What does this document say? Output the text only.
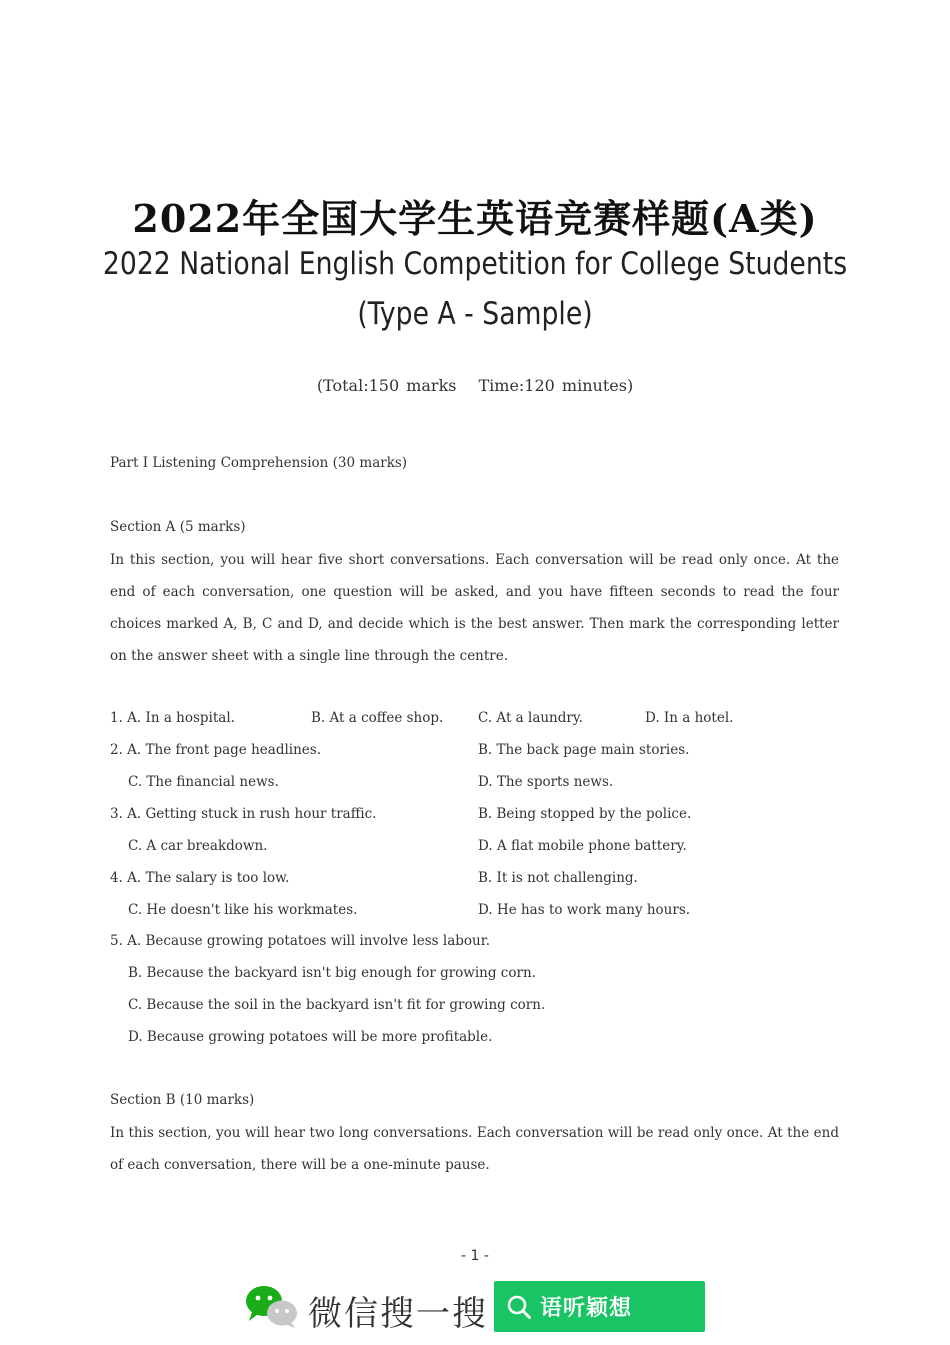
2022年全国大学生英语竞赛样题(A类)
2022 National English Competition for College Students
(Type A - Sample)
(Total:150 marks Time:120 minutes)
Part I Listening Comprehension (30 marks)
Section A (5 marks)
In this section, you will hear five short conversations. Each conversation will be read only once. At the end of each conversation, one question will be asked, and you have fifteen seconds to read the four choices marked A, B, C and D, and decide which is the best answer. Then mark the corresponding letter on the answer sheet with a single line through the centre.
1. A. In a hospital.	B. At a coffee shop.	C. At a laundry.	D. In a hotel.
2. A. The front page headlines.	B. The back page main stories.
C. The financial news.	D. The sports news.
3. A. Getting stuck in rush hour traffic.	B. Being stopped by the police.
C. A car breakdown.	D. A flat mobile phone battery.
4. A. The salary is too low.	B. It is not challenging.
C. He doesn't like his workmates.	D. He has to work many hours.
5. A. Because growing potatoes will involve less labour.
B. Because the backyard isn't big enough for growing corn.
C. Because the soil in the backyard isn't fit for growing corn.
D. Because growing potatoes will be more profitable.
Section B (10 marks)
In this section, you will hear two long conversations. Each conversation will be read only once. At the end of each conversation, there will be a one-minute pause.
- 1 -
微信搜一搜 语听颖想
